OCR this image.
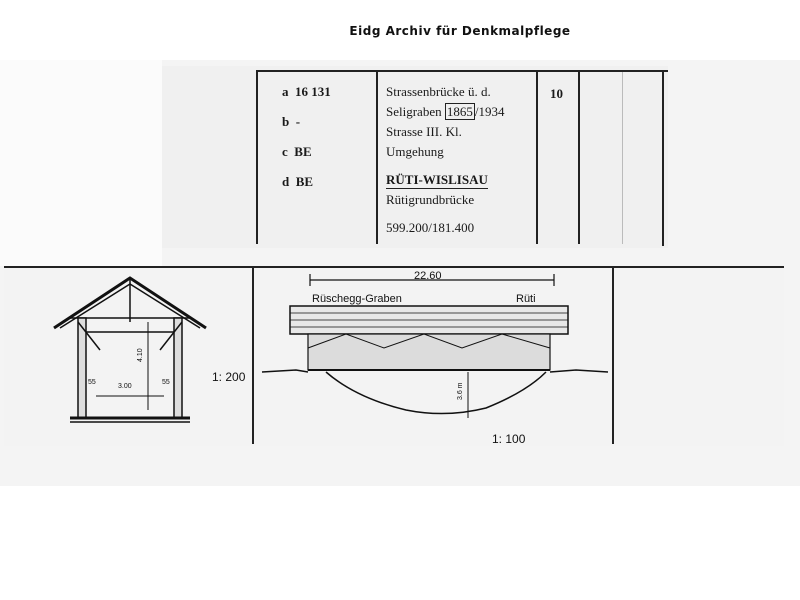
Eidg Archiv für Denkmalpflege
a  16 131
b  -
c  BE
d  BE
Strassenbrücke ü. d.
Seligraben 1865 /1934
Strasse III. Kl.
Umgehung
RÜTI-WISLISAU
Rütigrundbrücke
599.200/181.400
10
1: 200
1: 100
4.10
3.00
55	55
22.60
Rüschegg-Graben	Rüti
3.6 m
